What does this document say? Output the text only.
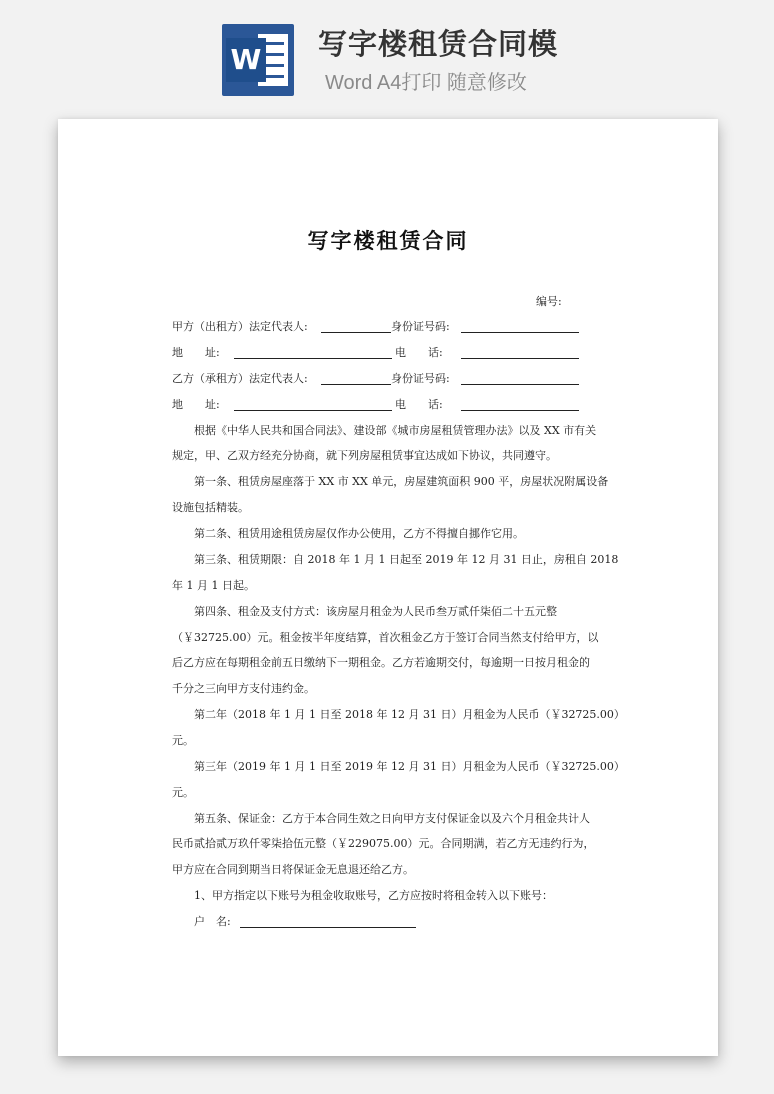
W 写字楼租赁合同模
Word A4打印 随意修改
写字楼租赁合同
编号:
甲方（出租方）法定代表人:	身份证号码:
地　　址:	电　　话:
乙方（承租方）法定代表人:	身份证号码:
地　　址:	电　　话:
根据《中华人民共和国合同法》、建设部《城市房屋租赁管理办法》以及 XX 市有关
规定，甲、乙双方经充分协商，就下列房屋租赁事宜达成如下协议，共同遵守。
第一条、租赁房屋座落于 XX 市 XX 单元，房屋建筑面积 900 平，房屋状况附属设备
设施包括精装。
第二条、租赁用途租赁房屋仅作办公使用，乙方不得擅自挪作它用。
第三条、租赁期限：自 2018 年 1 月 1 日起至 2019 年 12 月 31 日止，房租自 2018
年 1 月 1 日起。
第四条、租金及支付方式：该房屋月租金为人民币叁万贰仟柒佰二十五元整
（￥32725.00）元。租金按半年度结算，首次租金乙方于签订合同当然支付给甲方，以
后乙方应在每期租金前五日缴纳下一期租金。乙方若逾期交付，每逾期一日按月租金的
千分之三向甲方支付违约金。
第二年（2018 年 1 月 1 日至 2018 年 12 月 31 日）月租金为人民币（￥32725.00）
元。
第三年（2019 年 1 月 1 日至 2019 年 12 月 31 日）月租金为人民币（￥32725.00）
元。
第五条、保证金：乙方于本合同生效之日向甲方支付保证金以及六个月租金共计人
民币贰拾贰万玖仟零柒拾伍元整（￥229075.00）元。合同期满，若乙方无违约行为，
甲方应在合同到期当日将保证金无息退还给乙方。
1、甲方指定以下账号为租金收取账号，乙方应按时将租金转入以下账号：
户　名:
